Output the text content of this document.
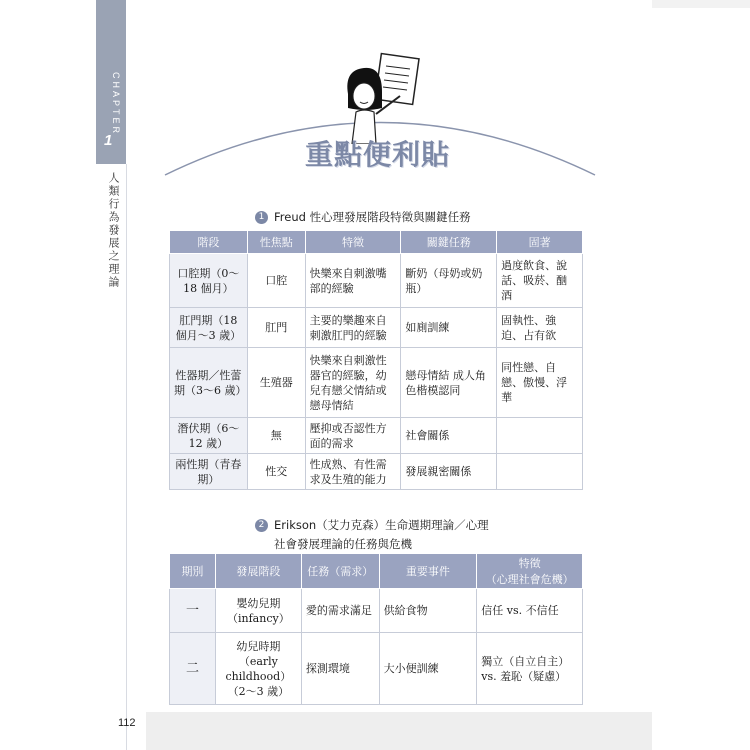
CHAPTER
1
人類行為發展之理論
重點便利貼
1 Freud 性心理發展階段特徵與關鍵任務
階段	性焦點	特徵	關鍵任務	固著
口腔期（0～18 個月）	口腔	快樂來自刺激嘴部的經驗	斷奶（母奶或奶瓶）	過度飲食、說話、吸菸、酗酒
肛門期（18 個月～3 歲）	肛門	主要的樂趣來自刺激肛門的經驗	如廁訓練	固執性、強迫、占有欲
性器期／性蕾期（3～6 歲）	生殖器	快樂來自刺激性器官的經驗，幼兒有戀父情結或戀母情結	戀母情結 成人角色楷模認同	同性戀、自戀、傲慢、浮華
潛伏期（6～12 歲）	無	壓抑或否認性方面的需求	社會關係	
兩性期（青春期）	性交	性成熟、有性需求及生殖的能力	發展親密關係	
2 Erikson（艾力克森）生命週期理論／心理
社會發展理論的任務與危機
期別	發展階段	任務（需求）	重要事件	特徵
（心理社會危機）
一	嬰幼兒期（infancy）	愛的需求滿足	供給食物	信任 vs. 不信任
二	幼兒時期（early childhood）（2～3 歲）	探測環境	大小便訓練	獨立（自立自主）vs. 羞恥（疑慮）
112
